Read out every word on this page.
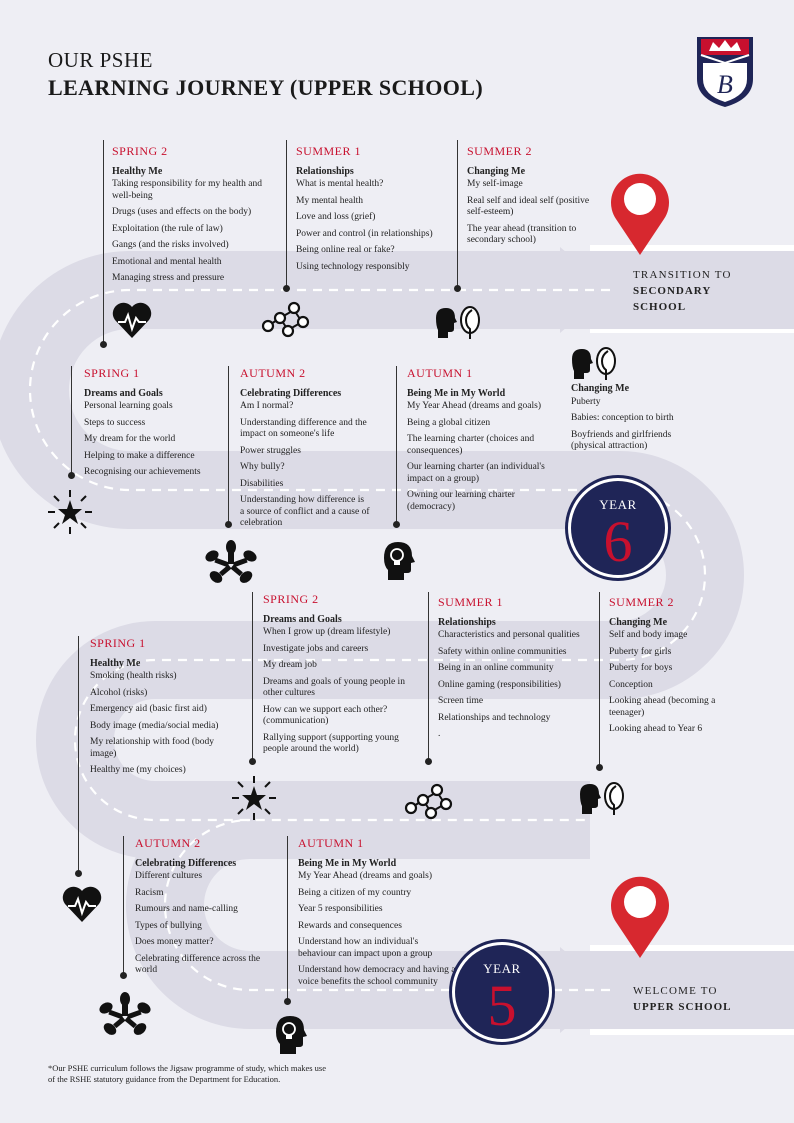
OUR PSHE
LEARNING JOURNEY (UPPER SCHOOL)	B
SPRING 2
Healthy Me
Taking responsibility for my health and well-being
Drugs (uses and effects on the body)
Exploitation (the rule of law)
Gangs (and the risks involved)
Emotional and mental health
Managing stress and pressure
SUMMER 1
Relationships
What is mental health?
My mental health
Love and loss (grief)
Power and control (in relationships)
Being online real or fake?
Using technology responsibly
SUMMER 2
Changing Me
My self-image
Real self and ideal self (positive self-esteem)
The year ahead (transition to secondary school)
TRANSITION TO
SECONDARY
SCHOOL
SPRING 1
Dreams and Goals
Personal learning goals
Steps to success
My dream for the world
Helping to make a difference
Recognising our achievements
AUTUMN 2
Celebrating Differences
Am I normal?
Understanding difference and the impact on someone's life
Power struggles
Why bully?
Disabilities
Understanding how difference is a source of conflict and a cause of celebration
AUTUMN 1
Being Me in My World
My Year Ahead (dreams and goals)
Being a global citizen
The learning charter (choices and consequences)
Our learning charter (an individual's impact on a group)
Owning our learning charter (democracy)
Changing Me
Puberty
Babies: conception to birth
Boyfriends and girlfriends (physical attraction)
YEAR
6
SPRING 1
Healthy Me
Smoking (health risks)
Alcohol (risks)
Emergency aid (basic first aid)
Body image (media/social media)
My relationship with food (body image)
Healthy me (my choices)
SPRING 2
Dreams and Goals
When I grow up (dream lifestyle)
Investigate jobs and careers
My dream job
Dreams and goals of young people in other cultures
How can we support each other? (communication)
Rallying support (supporting young people around the world)
SUMMER 1
Relationships
Characteristics and personal qualities
Safety within online communities
Being in an online community
Online gaming (responsibilities)
Screen time
Relationships and technology
.
SUMMER 2
Changing Me
Self and body image
Puberty for girls
Puberty for boys
Conception
Looking ahead (becoming a teenager)
Looking ahead to Year 6
AUTUMN 2
Celebrating Differences
Different cultures
Racism
Rumours and name-calling
Types of bullying
Does money matter?
Celebrating difference across the world
AUTUMN 1
Being Me in My World
My Year Ahead (dreams and goals)
Being a citizen of my country
Year 5 responsibilities
Rewards and consequences
Understand how an individual's behaviour can impact upon a group
Understand how democracy and having a voice benefits the school community
YEAR
5	WELCOME TO
UPPER SCHOOL
*Our PSHE curriculum follows the Jigsaw programme of study, which makes use of the RSHE statutory guidance from the Department for Education.
